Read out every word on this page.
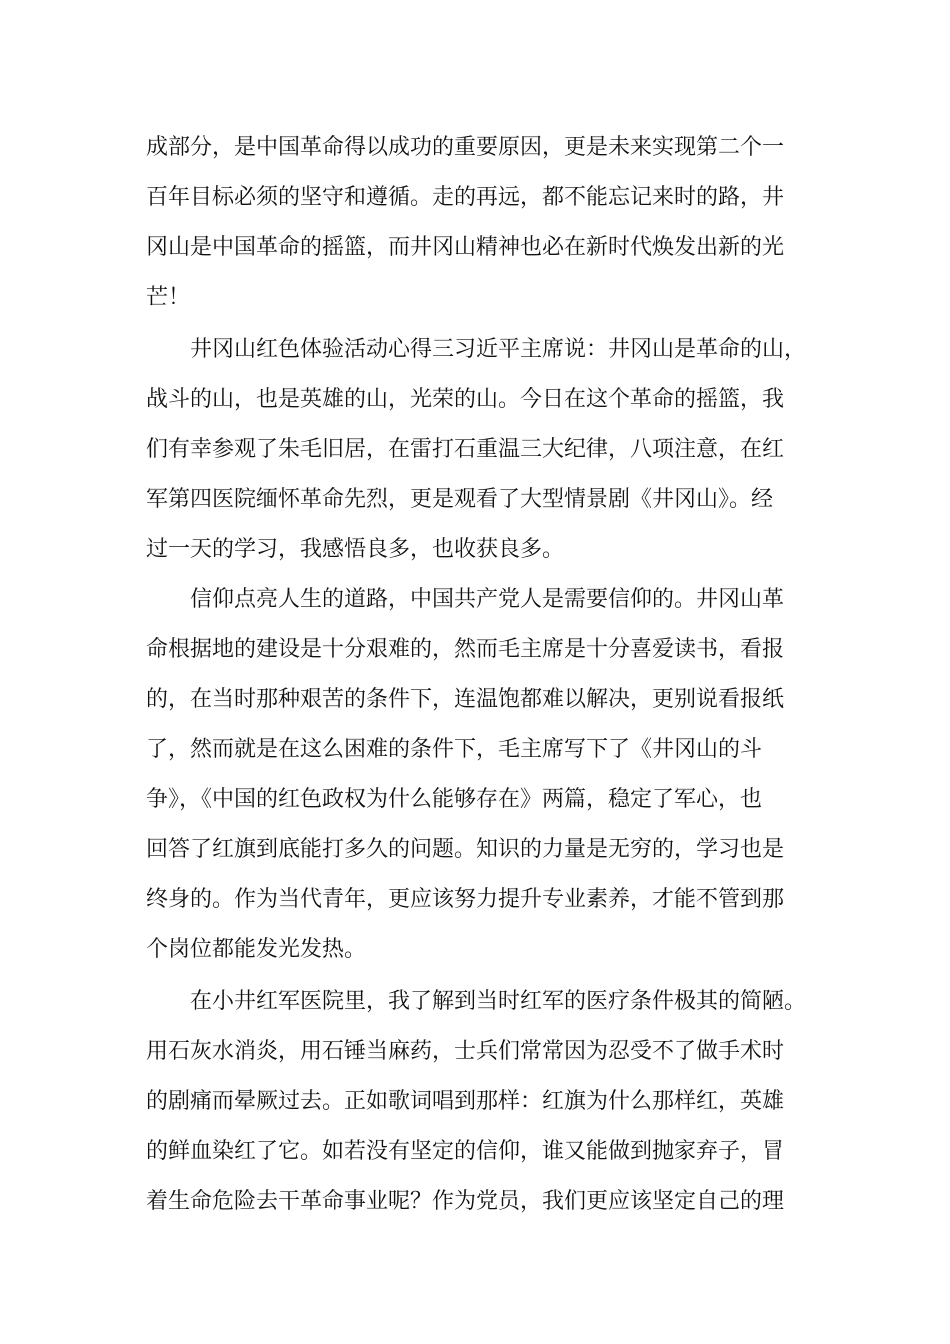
成部分，是中国革命得以成功的重要原因，更是未来实现第二个一
百年目标必须的坚守和遵循。走的再远，都不能忘记来时的路，井
冈山是中国革命的摇篮，而井冈山精神也必在新时代焕发出新的光
芒！
井冈山红色体验活动心得三习近平主席说：井冈山是革命的山，
战斗的山，也是英雄的山，光荣的山。今日在这个革命的摇篮，我
们有幸参观了朱毛旧居，在雷打石重温三大纪律，八项注意，在红
军第四医院缅怀革命先烈，更是观看了大型情景剧《井冈山》。经
过一天的学习，我感悟良多，也收获良多。
信仰点亮人生的道路，中国共产党人是需要信仰的。井冈山革
命根据地的建设是十分艰难的，然而毛主席是十分喜爱读书，看报
的，在当时那种艰苦的条件下，连温饱都难以解决，更别说看报纸
了，然而就是在这么困难的条件下，毛主席写下了《井冈山的斗
争》，《中国的红色政权为什么能够存在》两篇，稳定了军心，也
回答了红旗到底能打多久的问题。知识的力量是无穷的，学习也是
终身的。作为当代青年，更应该努力提升专业素养，才能不管到那
个岗位都能发光发热。
在小井红军医院里，我了解到当时红军的医疗条件极其的简陋。
用石灰水消炎，用石锤当麻药，士兵们常常因为忍受不了做手术时
的剧痛而晕厥过去。正如歌词唱到那样：红旗为什么那样红，英雄
的鲜血染红了它。如若没有坚定的信仰，谁又能做到抛家弃子，冒
着生命危险去干革命事业呢？作为党员，我们更应该坚定自己的理
